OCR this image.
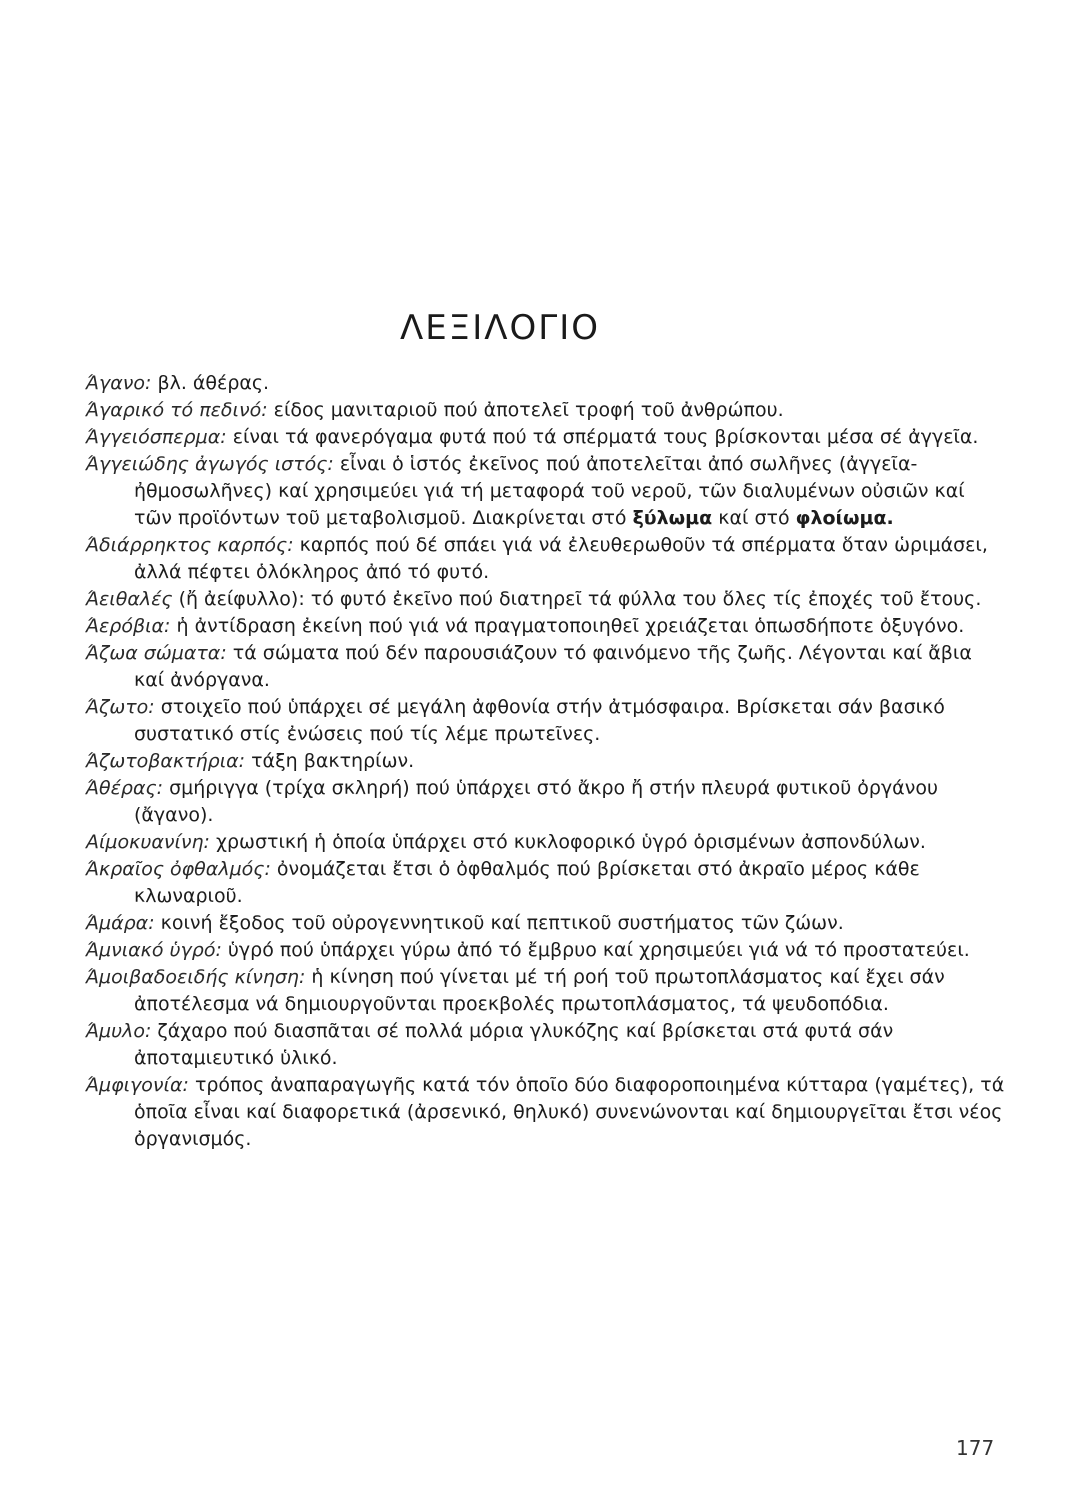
ΛΕΞΙΛΟΓΙΟ

Άγανο: βλ. άθέρας.

Άγαρικό τό πεδινό: είδος μανιταριοῦ πού ἀποτελεῖ τροφή τοῦ ἀνθρώπου.

Άγγειόσπερμα: είναι τά φανερόγαμα φυτά πού τά σπέρματά τους βρίσκονται μέσα σέ ἀγγεῖα.

Άγγειώδης ἀγωγός ιστός: εἶναι ὁ ἱστός ἐκεῖνος πού ἀποτελεῖται ἀπό σωλῆνες (ἀγγεῖα-ἠθμοσωλῆνες) καί χρησιμεύει γιά τή μεταφορά τοῦ νεροῦ, τῶν διαλυμένων οὐσιῶν καί τῶν προϊόντων τοῦ μεταβολισμοῦ. Διακρίνεται στό ξύλωμα καί στό φλοίωμα.

Άδιάρρηκτος καρπός: καρπός πού δέ σπάει γιά νά ἐλευθερωθοῦν τά σπέρματα ὅταν ὡριμάσει, ἀλλά πέφτει ὁλόκληρος ἀπό τό φυτό.

Άειθαλές (ἤ ἀείφυλλο): τό φυτό ἐκεῖνο πού διατηρεῖ τά φύλλα του ὅλες τίς ἐποχές τοῦ ἔτους.

Άερόβια: ἡ ἀντίδραση ἐκείνη πού γιά νά πραγματοποιηθεῖ χρειάζεται ὁπωσδήποτε ὀξυγόνο.

Άζωα σώματα: τά σώματα πού δέν παρουσιάζουν τό φαινόμενο τῆς ζωῆς. Λέγονται καί ἄβια καί ἀνόργανα.

Άζωτο: στοιχεῖο πού ὑπάρχει σέ μεγάλη ἀφθονία στήν ἀτμόσφαιρα. Βρίσκεται σάν βασικό συστατικό στίς ἐνώσεις πού τίς λέμε πρωτεῖνες.

Άζωτοβακτήρια: τάξη βακτηρίων.

Άθέρας: σμήριγγα (τρίχα σκληρή) πού ὑπάρχει στό ἄκρο ἤ στήν πλευρά φυτικοῦ ὀργάνου (ἄγανο).

Αίμοκυανίνη: χρωστική ἡ ὁποία ὑπάρχει στό κυκλοφορικό ὑγρό ὁρισμένων ἀσπονδύλων.

Άκραῖος ὀφθαλμός: ὀνομάζεται ἔτσι ὁ ὀφθαλμός πού βρίσκεται στό ἀκραῖο μέρος κάθε κλωναριοῦ.

Άμάρα: κοινή ἔξοδος τοῦ οὐρογεννητικοῦ καί πεπτικοῦ συστήματος τῶν ζώων.

Άμνιακό ὑγρό: ὑγρό πού ὑπάρχει γύρω ἀπό τό ἔμβρυο καί χρησιμεύει γιά νά τό προστατεύει.

Άμοιβαδοειδής κίνηση: ἡ κίνηση πού γίνεται μέ τή ροή τοῦ πρωτοπλάσματος καί ἔχει σάν ἀποτέλεσμα νά δημιουργοῦνται προεκβολές πρωτοπλάσματος, τά ψευδοπόδια.

Άμυλο: ζάχαρο πού διασπᾶται σέ πολλά μόρια γλυκόζης καί βρίσκεται στά φυτά σάν ἀποταμιευτικό ὑλικό.

Άμφιγονία: τρόπος ἀναπαραγωγῆς κατά τόν ὁποῖο δύο διαφοροποιημένα κύτταρα (γαμέτες), τά ὁποῖα εἶναι καί διαφορετικά (ἀρσενικό, θηλυκό) συνενώνονται καί δημιουργεῖται ἔτσι νέος ὀργανισμός.

177
